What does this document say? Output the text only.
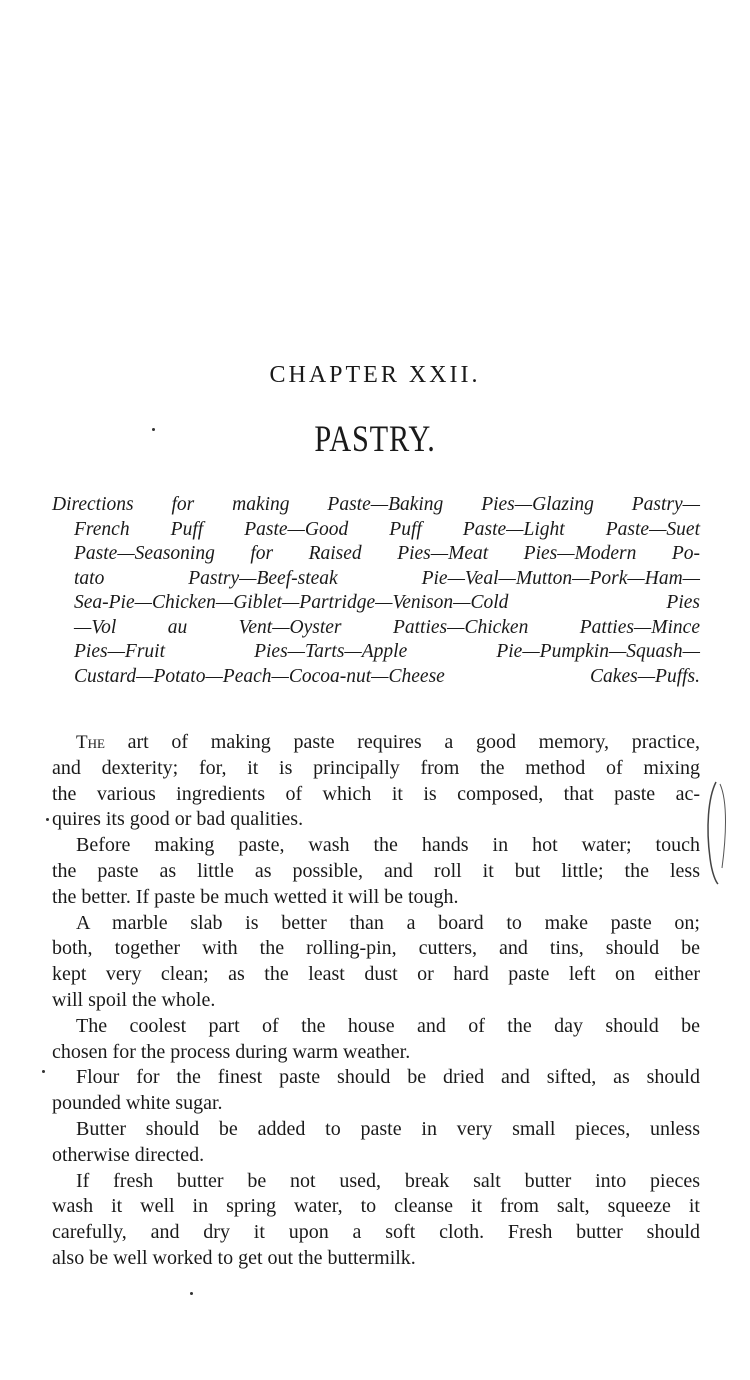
CHAPTER XXII.
PASTRY.
Directions for making Paste—Baking Pies—Glazing Pastry—
French Puff Paste—Good Puff Paste—Light Paste—Suet
Paste—Seasoning for Raised Pies—Meat Pies—Modern Po-
tato Pastry—Beef-steak Pie—Veal—Mutton—Pork—Ham—
Sea-Pie—Chicken—Giblet—Partridge—Venison—Cold Pies
—Vol au Vent—Oyster Patties—Chicken Patties—Mince
Pies—Fruit Pies—Tarts—Apple Pie—Pumpkin—Squash—
Custard—Potato—Peach—Cocoa-nut—Cheese Cakes—Puffs.
The art of making paste requires a good memory, practice,
and dexterity; for, it is principally from the method of mixing
the various ingredients of which it is composed, that paste ac-
quires its good or bad qualities.
Before making paste, wash the hands in hot water; touch
the paste as little as possible, and roll it but little; the less
the better. If paste be much wetted it will be tough.
A marble slab is better than a board to make paste on;
both, together with the rolling-pin, cutters, and tins, should be
kept very clean; as the least dust or hard paste left on either
will spoil the whole.
The coolest part of the house and of the day should be
chosen for the process during warm weather.
Flour for the finest paste should be dried and sifted, as should
pounded white sugar.
Butter should be added to paste in very small pieces, unless
otherwise directed.
If fresh butter be not used, break salt butter into pieces
wash it well in spring water, to cleanse it from salt, squeeze it
carefully, and dry it upon a soft cloth. Fresh butter should
also be well worked to get out the buttermilk.
